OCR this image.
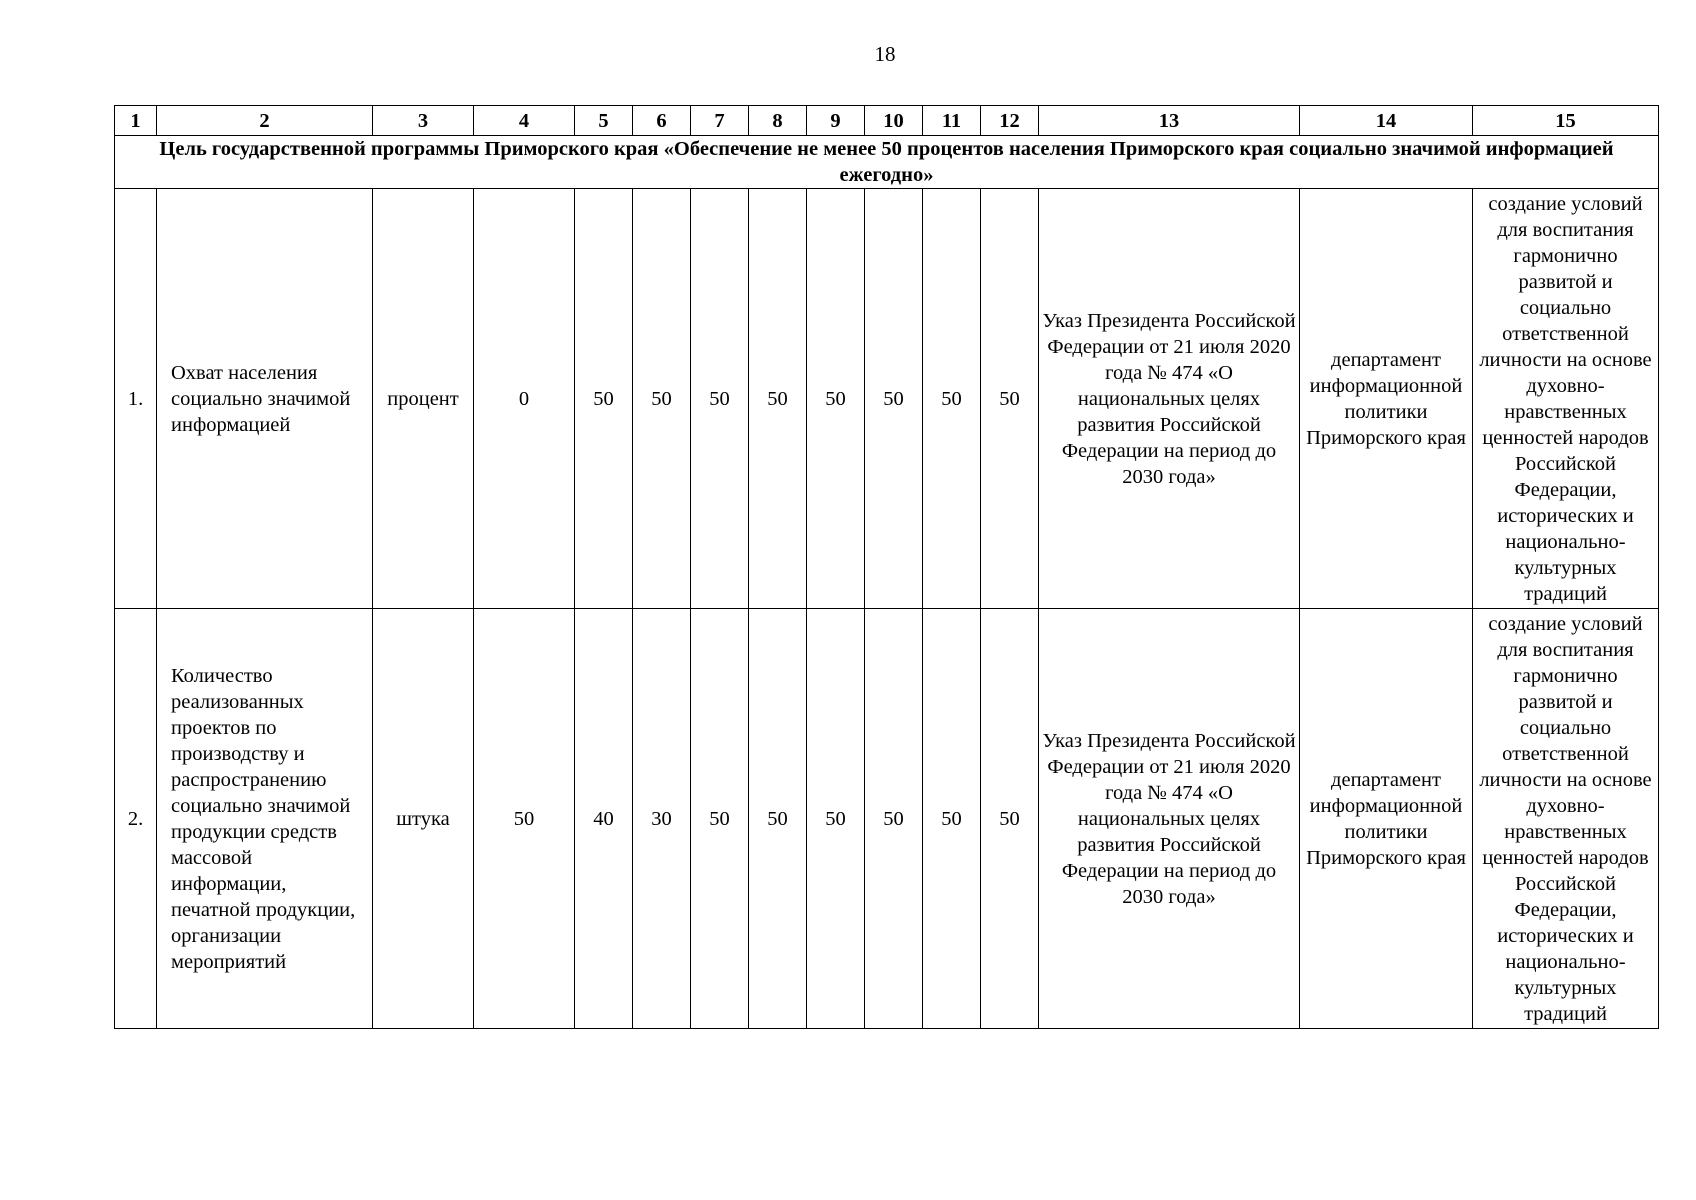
18
1	2	3	4	5	6	7	8	9	10	11	12	13	14	15
Цель государственной программы Приморского края «Обеспечение не менее 50 процентов населения Приморского края социально значимой информацией ежегодно»														
1.	Охват населения социально значимой информацией	процент	0	50	50	50	50	50	50	50	50	Указ Президента Российской Федерации от 21 июля 2020 года № 474 «О национальных целях развития Российской Федерации на период до 2030 года»	департамент информационной политики Приморского края	создание условий для воспитания гармонично развитой и социально ответственной личности на основе духовно-нравственных ценностей народов Российской Федерации, исторических и национально-культурных традиций
2.	Количество реализованных проектов по производству и распространению социально значимой продукции средств массовой информации, печатной продукции, организации мероприятий	штука	50	40	30	50	50	50	50	50	50	Указ Президента Российской Федерации от 21 июля 2020 года № 474 «О национальных целях развития Российской Федерации на период до 2030 года»	департамент информационной политики Приморского края	создание условий для воспитания гармонично развитой и социально ответственной личности на основе духовно-нравственных ценностей народов Российской Федерации, исторических и национально-культурных традиций
